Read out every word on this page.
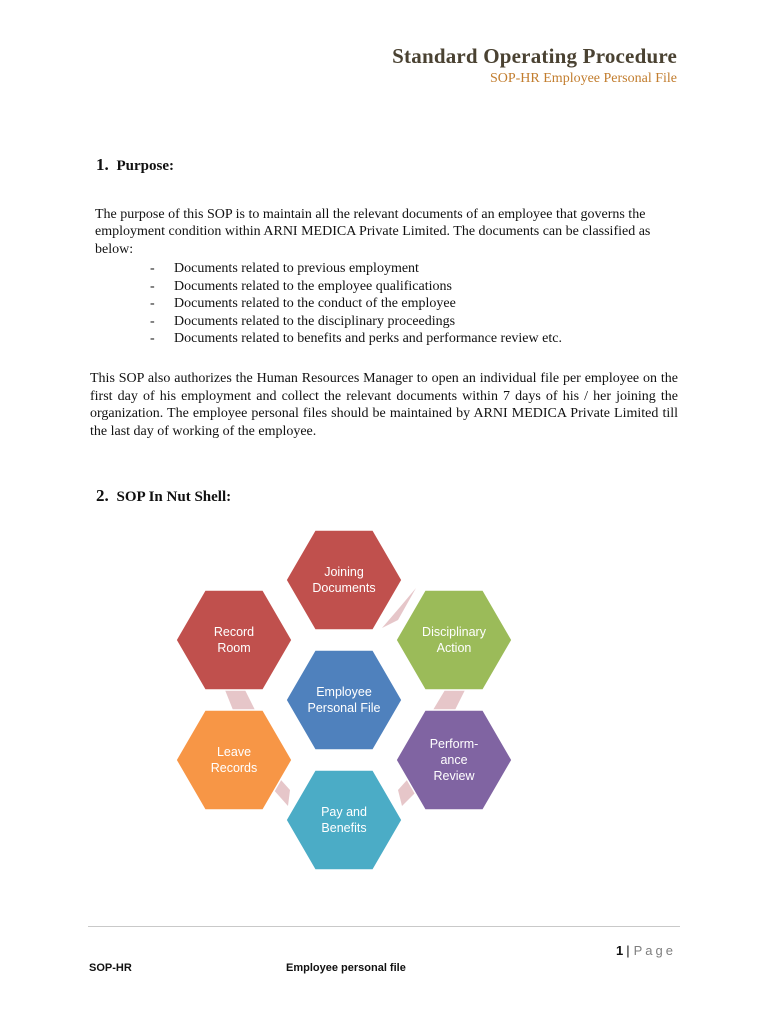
Standard Operating Procedure
SOP-HR Employee Personal File
1. Purpose:
The purpose of this SOP is to maintain all the relevant documents of an employee that governs the employment condition within ARNI MEDICA Private Limited. The documents can be classified as below:
- Documents related to previous employment
- Documents related to the employee qualifications
- Documents related to the conduct of the employee
- Documents related to the disciplinary proceedings
- Documents related to benefits and perks and performance review etc.
This SOP also authorizes the Human Resources Manager to open an individual file per employee on the first day of his employment and collect the relevant documents within 7 days of his / her joining the organization. The employee personal files should be maintained by ARNI MEDICA Private Limited till the last day of working of the employee.
2. SOP In Nut Shell:
Joining
Documents
Disciplinary
Action
Perform-
ance
Review
Pay and
Benefits
Leave
Records
Record
Room
Employee
Personal File
1 | Page
SOP-HR	Employee personal file
